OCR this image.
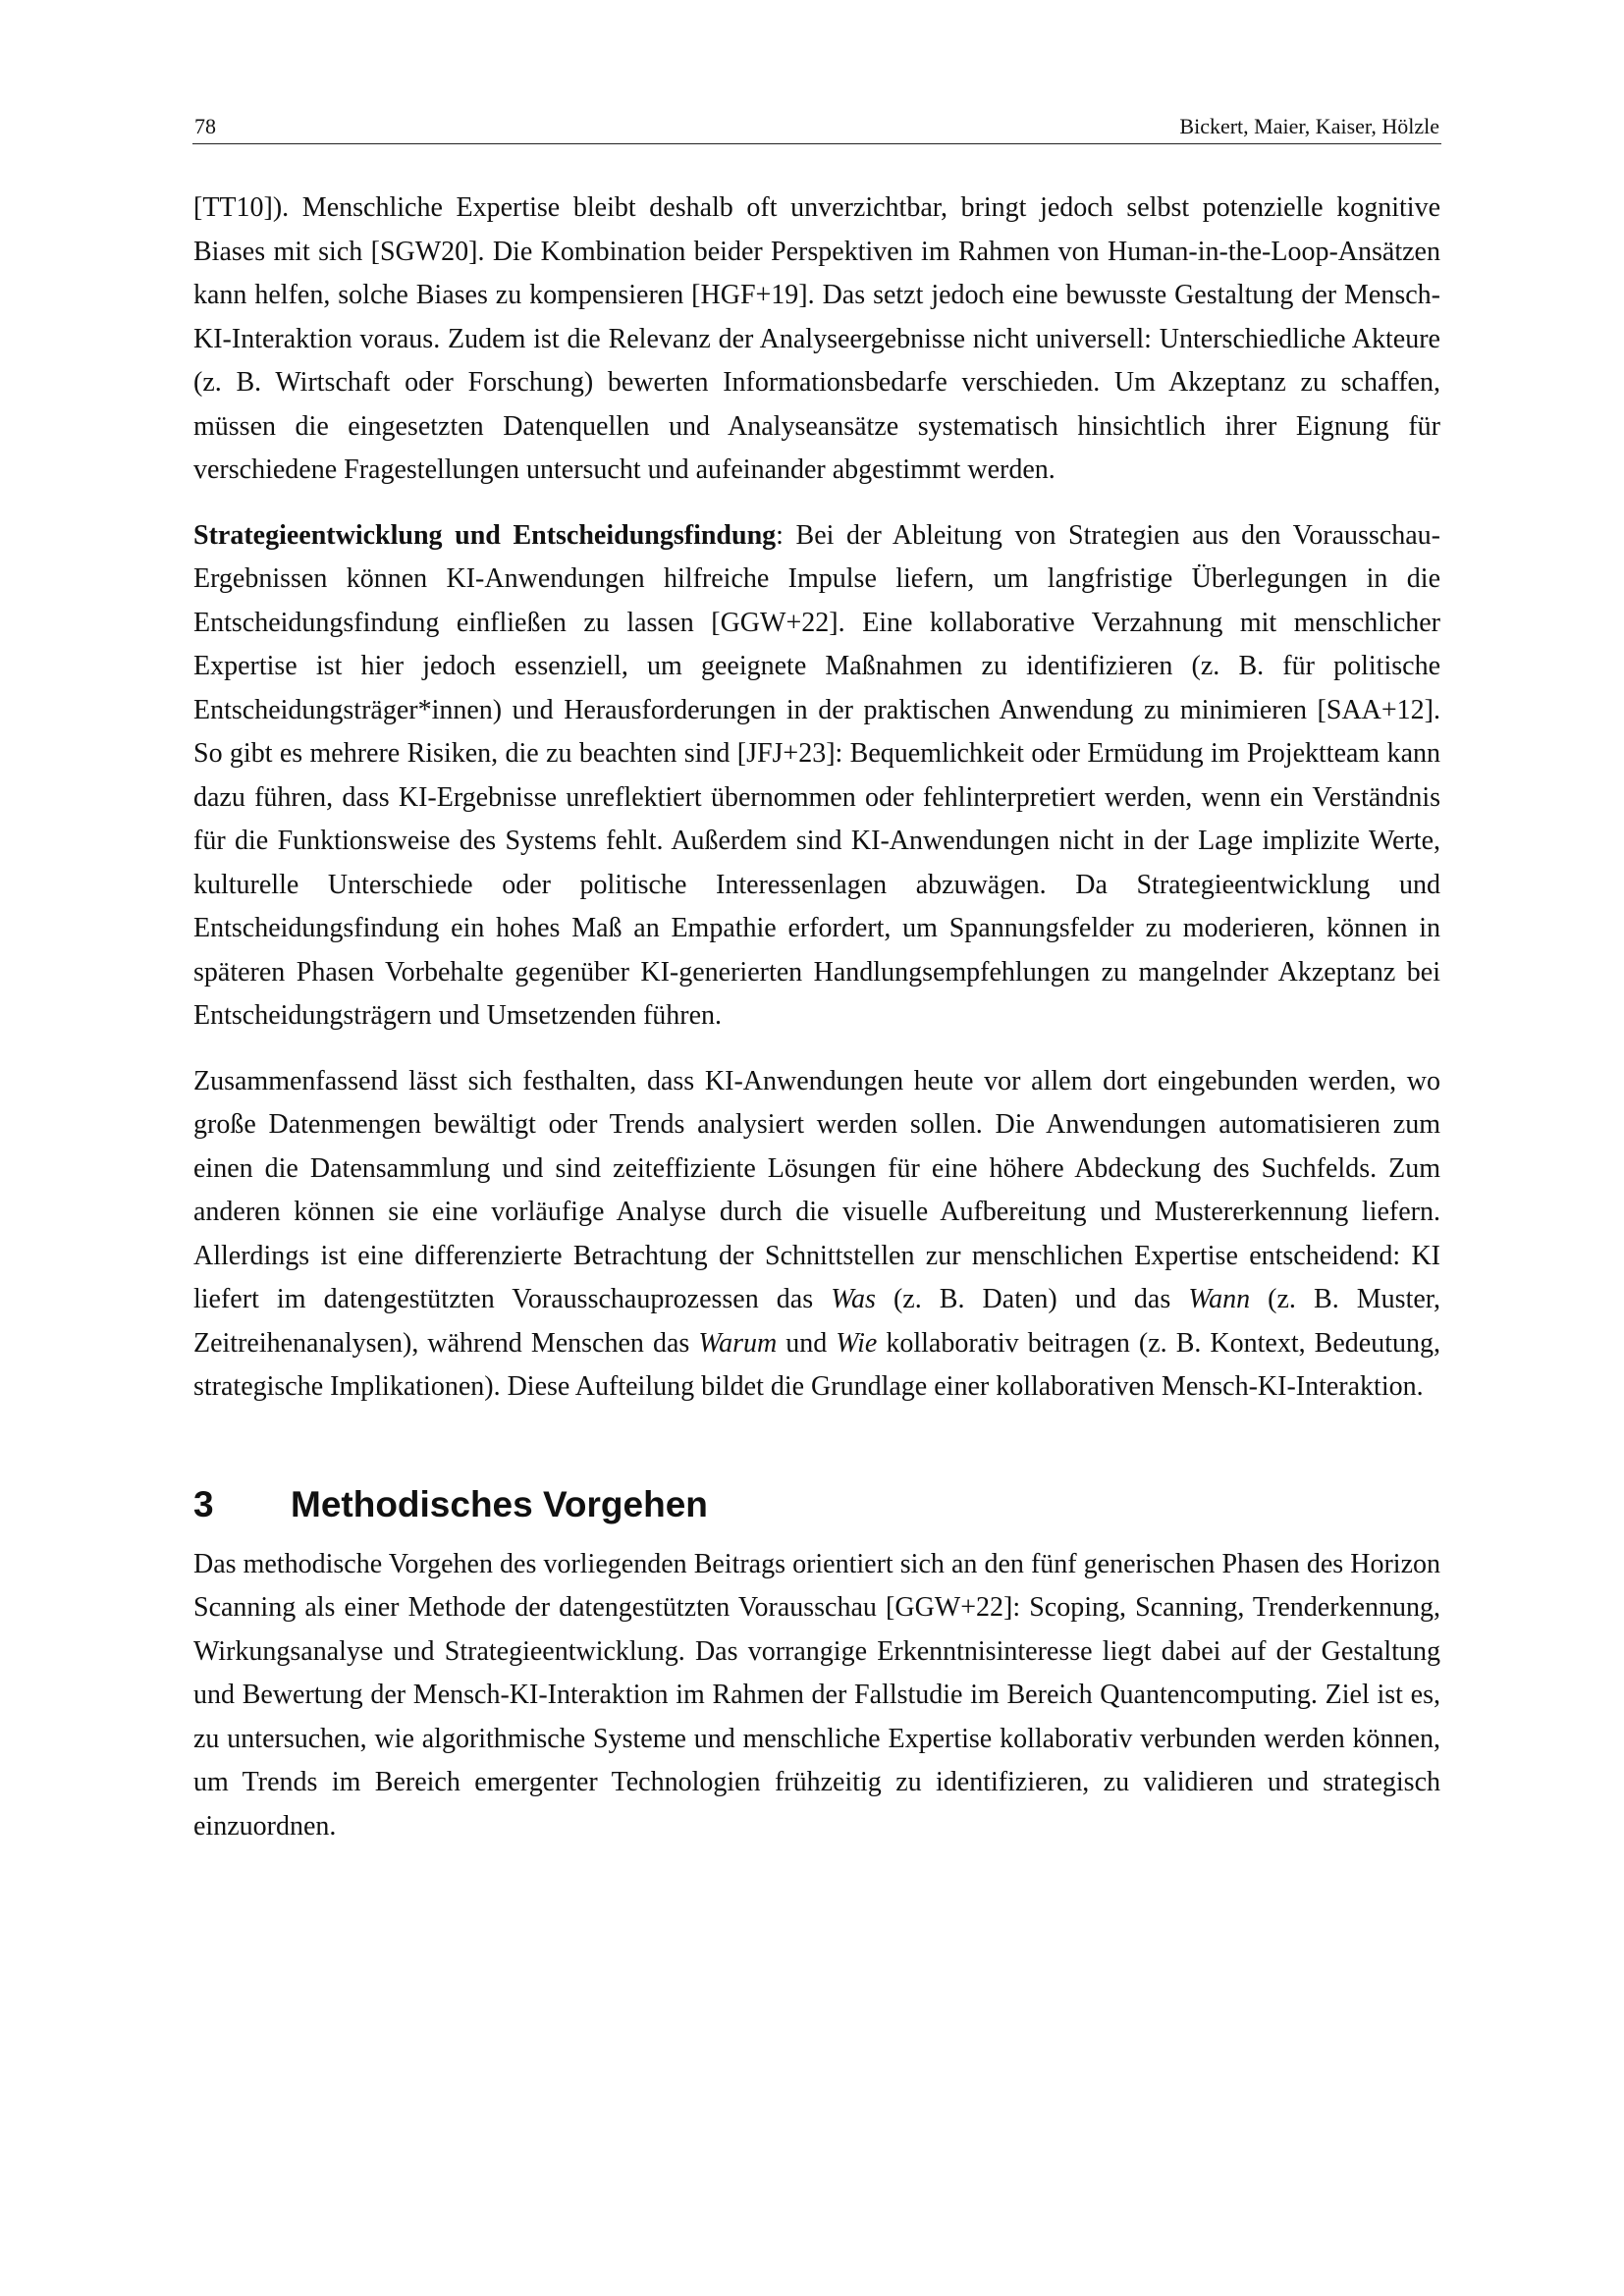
78	Bickert, Maier, Kaiser, Hölzle

[TT10]). Menschliche Expertise bleibt deshalb oft unverzichtbar, bringt jedoch selbst potenzielle kognitive Biases mit sich [SGW20]. Die Kombination beider Perspektiven im Rahmen von Human-in-the-Loop-Ansätzen kann helfen, solche Biases zu kompensieren [HGF+19]. Das setzt jedoch eine bewusste Gestaltung der Mensch-KI-Interaktion voraus. Zudem ist die Relevanz der Analyseergebnisse nicht universell: Unterschiedliche Akteure (z. B. Wirtschaft oder Forschung) bewerten Informationsbedarfe verschieden. Um Akzeptanz zu schaffen, müssen die eingesetzten Datenquellen und Analyseansätze systematisch hinsichtlich ihrer Eignung für verschiedene Fragestellungen untersucht und aufeinander abgestimmt werden.

Strategieentwicklung und Entscheidungsfindung: Bei der Ableitung von Strategien aus den Vorausschau-Ergebnissen können KI-Anwendungen hilfreiche Impulse liefern, um langfristige Überlegungen in die Entscheidungsfindung einfließen zu lassen [GGW+22]. Eine kollaborative Verzahnung mit menschlicher Expertise ist hier jedoch essenziell, um geeignete Maßnahmen zu identifizieren (z. B. für politische Entscheidungsträger*innen) und Herausforderungen in der praktischen Anwendung zu minimieren [SAA+12]. So gibt es mehrere Risiken, die zu beachten sind [JFJ+23]: Bequemlichkeit oder Ermüdung im Projektteam kann dazu führen, dass KI-Ergebnisse unreflektiert übernommen oder fehlinterpretiert werden, wenn ein Verständnis für die Funktionsweise des Systems fehlt. Außerdem sind KI-Anwendungen nicht in der Lage implizite Werte, kulturelle Unterschiede oder politische Interessenlagen abzuwägen. Da Strategieentwicklung und Entscheidungsfindung ein hohes Maß an Empathie erfordert, um Spannungsfelder zu moderieren, können in späteren Phasen Vorbehalte gegenüber KI-generierten Handlungsempfehlungen zu mangelnder Akzeptanz bei Entscheidungsträgern und Umsetzenden führen.

Zusammenfassend lässt sich festhalten, dass KI-Anwendungen heute vor allem dort eingebunden werden, wo große Datenmengen bewältigt oder Trends analysiert werden sollen. Die Anwendungen automatisieren zum einen die Datensammlung und sind zeiteffiziente Lösungen für eine höhere Abdeckung des Suchfelds. Zum anderen können sie eine vorläufige Analyse durch die visuelle Aufbereitung und Mustererkennung liefern. Allerdings ist eine differenzierte Betrachtung der Schnittstellen zur menschlichen Expertise entscheidend: KI liefert im datengestützten Vorausschauprozessen das Was (z. B. Daten) und das Wann (z. B. Muster, Zeitreihenanalysen), während Menschen das Warum und Wie kollaborativ beitragen (z. B. Kontext, Bedeutung, strategische Implikationen). Diese Aufteilung bildet die Grundlage einer kollaborativen Mensch-KI-Interaktion.

3	Methodisches Vorgehen

Das methodische Vorgehen des vorliegenden Beitrags orientiert sich an den fünf generischen Phasen des Horizon Scanning als einer Methode der datengestützten Vorausschau [GGW+22]: Scoping, Scanning, Trenderkennung, Wirkungsanalyse und Strategieentwicklung. Das vorrangige Erkenntnisinteresse liegt dabei auf der Gestaltung und Bewertung der Mensch-KI-Interaktion im Rahmen der Fallstudie im Bereich Quantencomputing. Ziel ist es, zu untersuchen, wie algorithmische Systeme und menschliche Expertise kollaborativ verbunden werden können, um Trends im Bereich emergenter Technologien frühzeitig zu identifizieren, zu validieren und strategisch einzuordnen.
